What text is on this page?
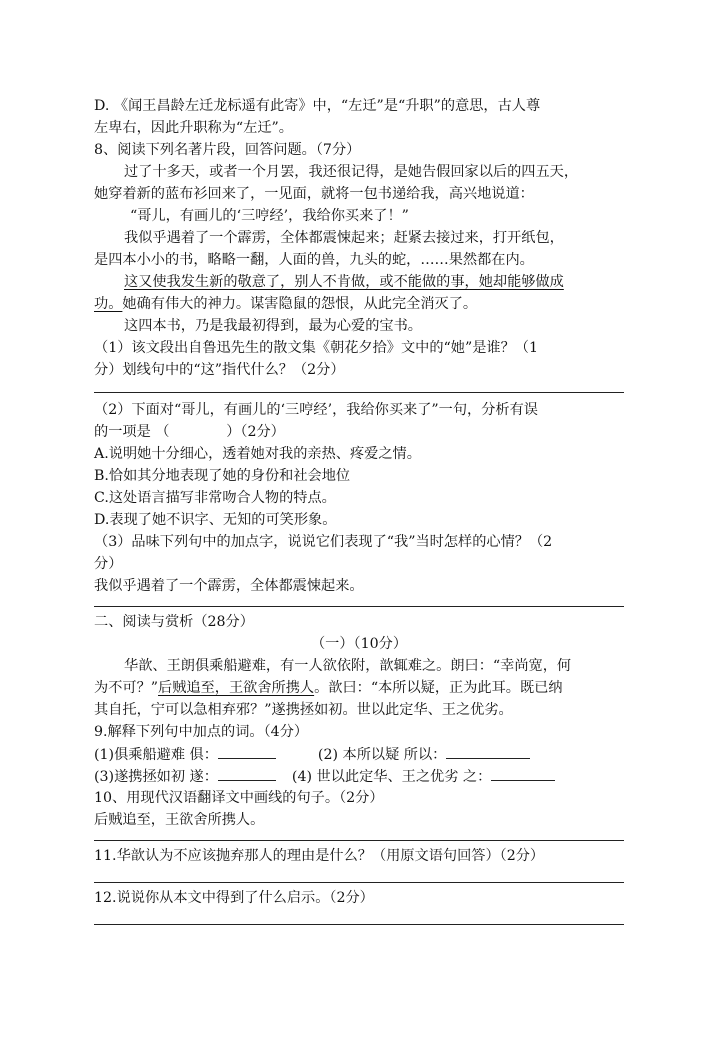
D. 《闻王昌龄左迁龙标遥有此寄》中，“左迁”是“升职”的意思，古人尊
左卑右，因此升职称为“左迁”。
8、阅读下列名著片段，回答问题。（7分）
过了十多天，或者一个月罢，我还很记得，是她告假回家以后的四五天，
她穿着新的蓝布衫回来了，一见面，就将一包书递给我，高兴地说道：
“哥儿，有画儿的‘三哼经’，我给你买来了！”
我似乎遇着了一个霹雳，全体都震悚起来；赶紧去接过来，打开纸包，
是四本小小的书，略略一翻，人面的兽，九头的蛇，……果然都在内。
这又使我发生新的敬意了，别人不肯做，或不能做的事，她却能够做成
功。她确有伟大的神力。谋害隐鼠的怨恨，从此完全消灭了。
这四本书，乃是我最初得到，最为心爱的宝书。
（1）该文段出自鲁迅先生的散文集《朝花夕拾》文中的“她”是谁？（1
分）划线句中的“这”指代什么？（2分）
（2）下面对“哥儿，有画儿的‘三哼经’，我给你买来了”一句，分析有误
的一项是 （　　　　）（2分）
A.说明她十分细心，透着她对我的亲热、疼爱之情。
B.恰如其分地表现了她的身份和社会地位
C.这处语言描写非常吻合人物的特点。
D.表现了她不识字、无知的可笑形象。
（3）品味下列句中的加点字，说说它们表现了“我”当时怎样的心情？（2
分）
我似乎遇着了一个霹雳，全体都震悚起来。
二、阅读与赏析（28分）
（一）（10分）
华歆、王朗俱乘船避难，有一人欲依附，歆辄难之。朗曰：“幸尚宽，何
为不可？”后贼追至，王欲舍所携人。歆曰：“本所以疑，正为此耳。既已纳
其自托，宁可以急相弃邪？”遂携拯如初。世以此定华、王之优劣。
9.解释下列句中加点的词。（4分）
(1)俱乘船避难 俱：	(2) 本所以疑 所以：
(3)遂携拯如初 遂：	(4) 世以此定华、王之优劣 之：
10、用现代汉语翻译文中画线的句子。（2分）
后贼追至，王欲舍所携人。
11.华歆认为不应该抛弃那人的理由是什么？（用原文语句回答）（2分）
12.说说你从本文中得到了什么启示。（2分）
